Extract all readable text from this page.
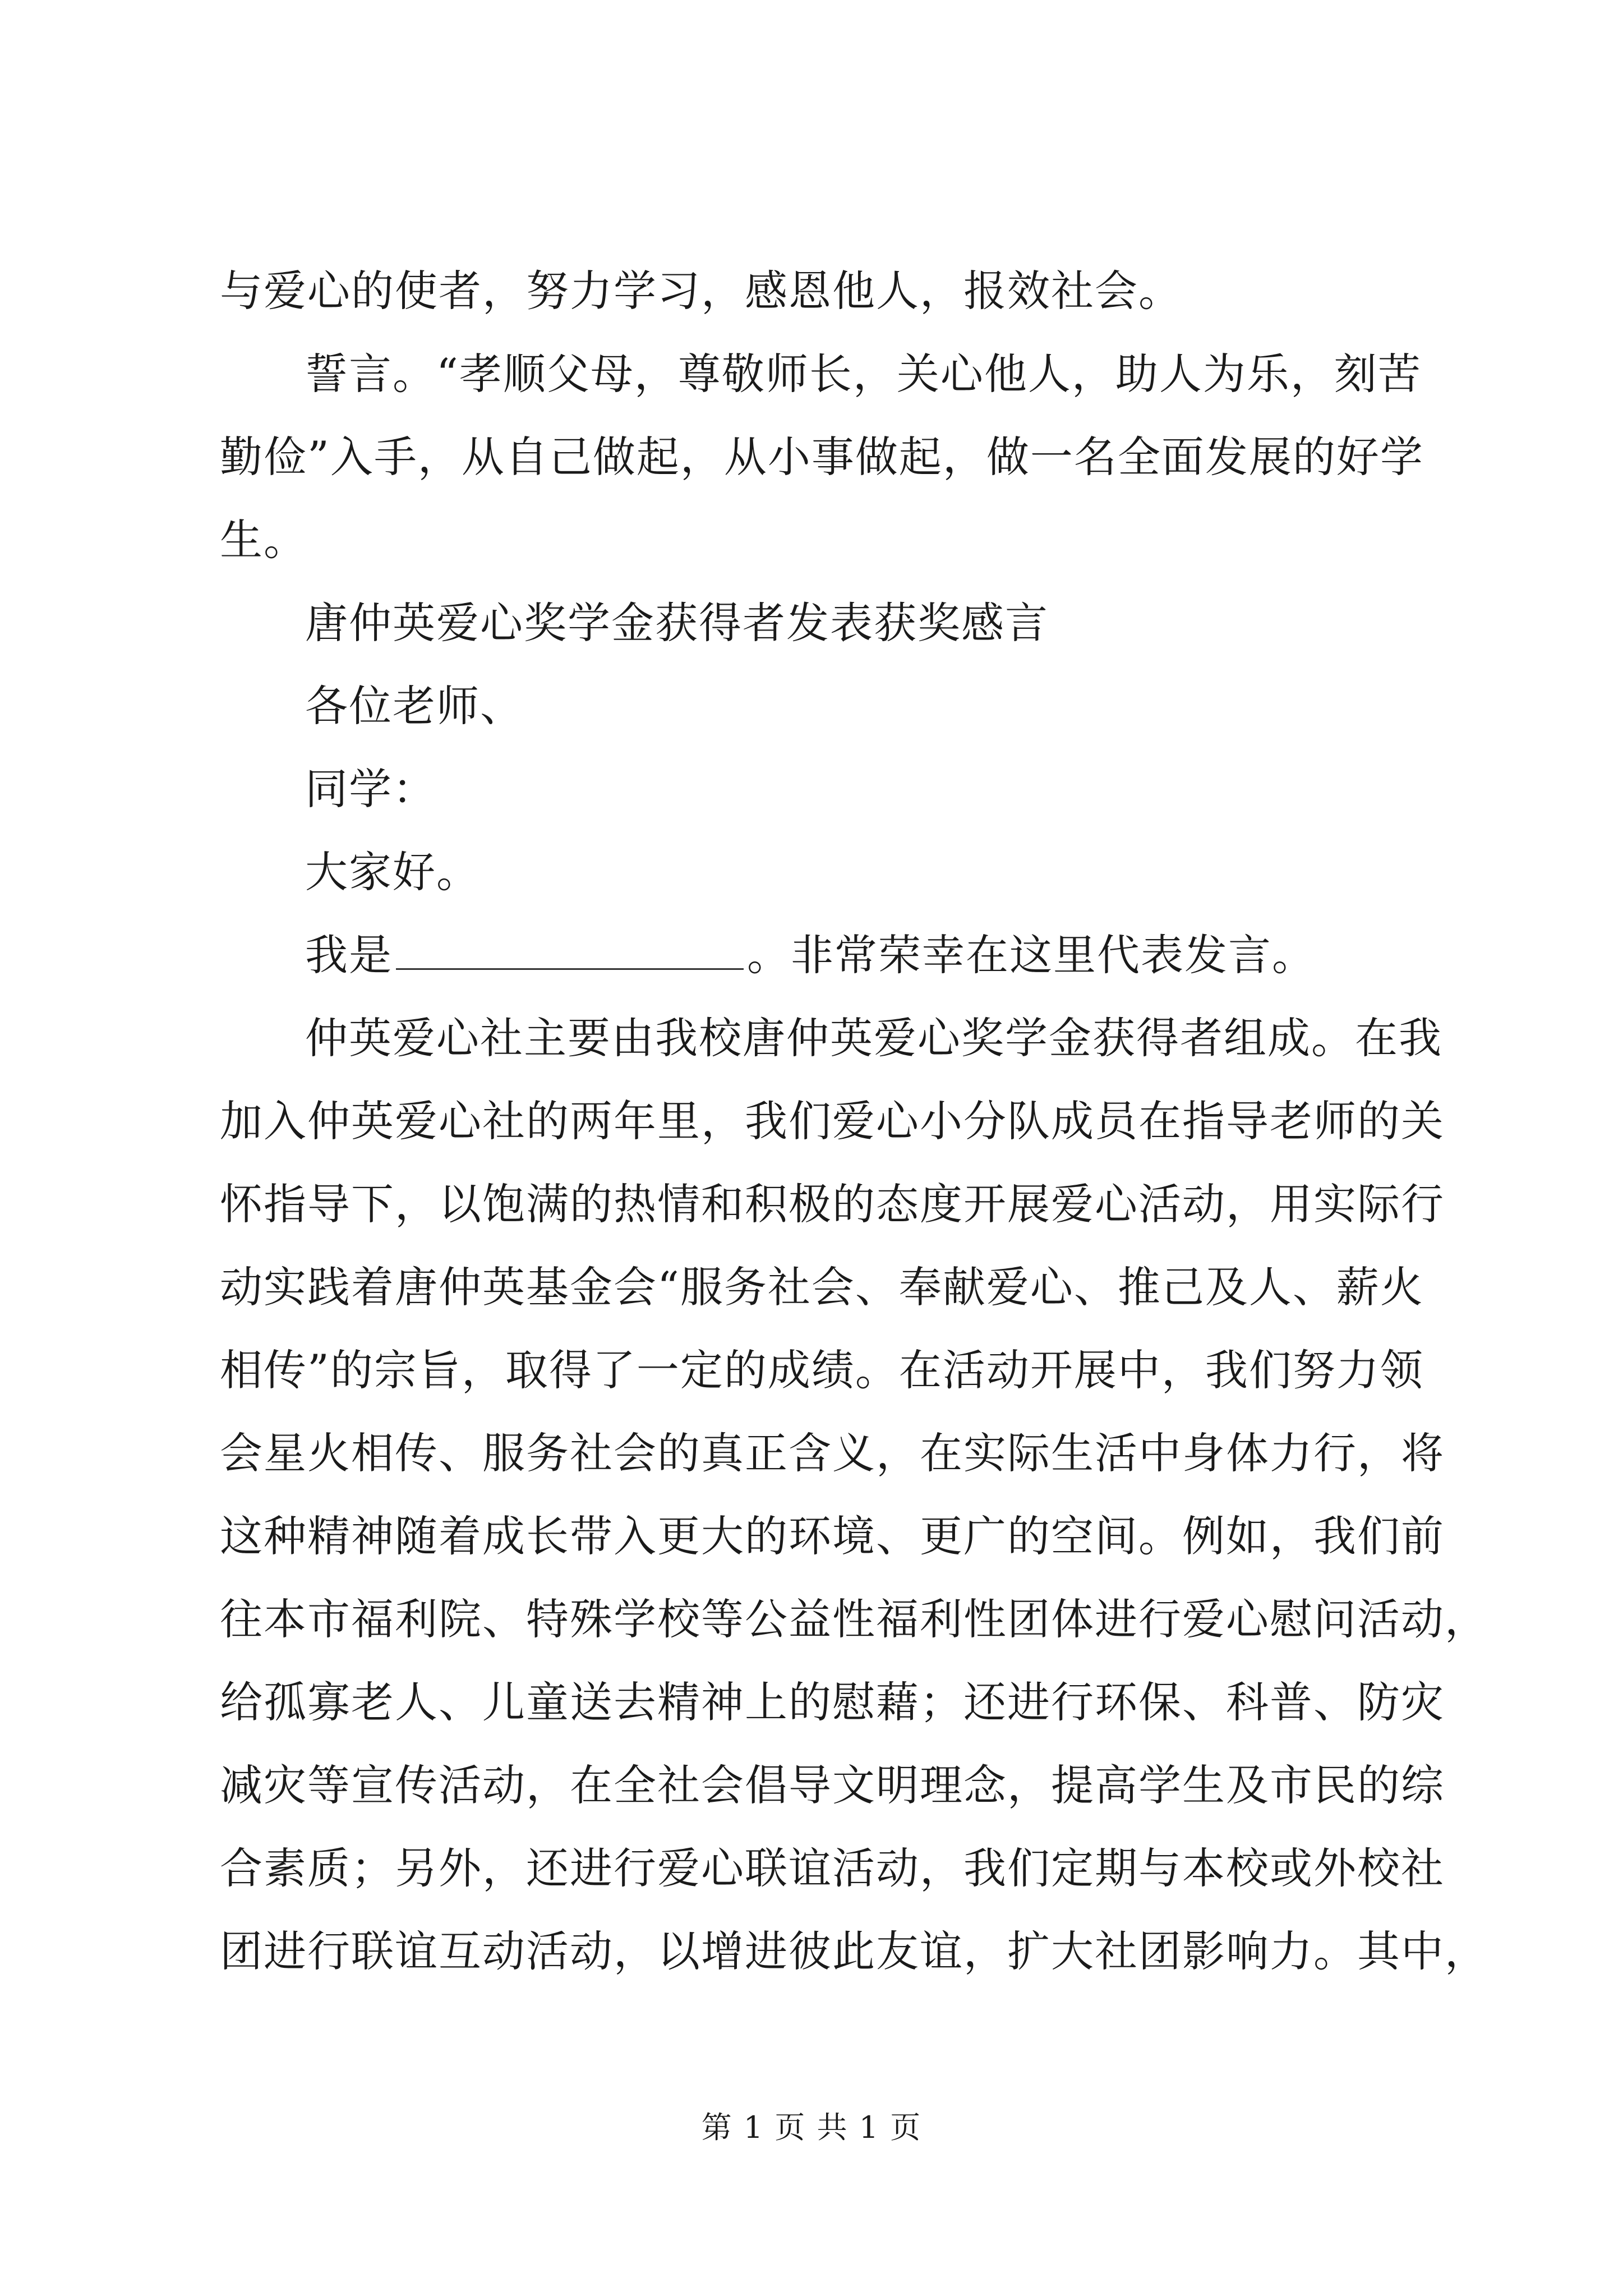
与爱心的使者，努力学习，感恩他人，报效社会。
誓言。“孝顺父母，尊敬师长，关心他人，助人为乐，刻苦
勤俭”入手，从自己做起，从小事做起，做一名全面发展的好学
生。
唐仲英爱心奖学金获得者发表获奖感言
各位老师、
同学：
大家好。
我是	。非常荣幸在这里代表发言。
仲英爱心社主要由我校唐仲英爱心奖学金获得者组成。在我
加入仲英爱心社的两年里，我们爱心小分队成员在指导老师的关
怀指导下，以饱满的热情和积极的态度开展爱心活动，用实际行
动实践着唐仲英基金会“服务社会、奉献爱心、推己及人、薪火
相传”的宗旨，取得了一定的成绩。在活动开展中，我们努力领
会星火相传、服务社会的真正含义，在实际生活中身体力行，将
这种精神随着成长带入更大的环境、更广的空间。例如，我们前
往本市福利院、特殊学校等公益性福利性团体进行爱心慰问活动，
给孤寡老人、儿童送去精神上的慰藉；还进行环保、科普、防灾
减灾等宣传活动，在全社会倡导文明理念，提高学生及市民的综
合素质；另外，还进行爱心联谊活动，我们定期与本校或外校社
团进行联谊互动活动，以增进彼此友谊，扩大社团影响力。其中，
第 1 页 共 1 页
